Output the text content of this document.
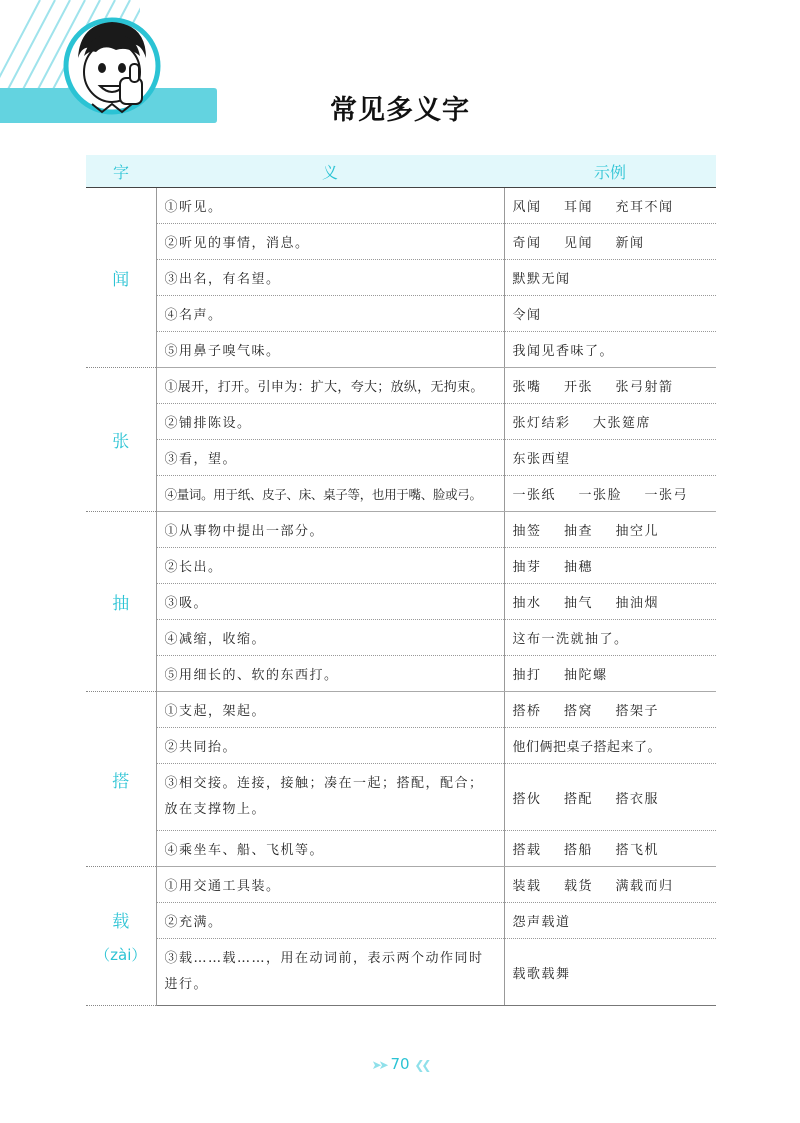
常见多义字
字	义	示例

闻	①听见。	风闻    耳闻    充耳不闻
	②听见的事情，消息。	奇闻    见闻    新闻
	③出名，有名望。	默默无闻
	④名声。	令闻
	⑤用鼻子嗅气味。	我闻见香味了。

张	①展开，打开。引申为：扩大，夸大；放纵，无拘束。	张嘴    开张    张弓射箭
	②铺排陈设。	张灯结彩    大张筵席
	③看，望。	东张西望
	④量词。用于纸、皮子、床、桌子等，也用于嘴、脸或弓。	一张纸    一张脸    一张弓

抽	①从事物中提出一部分。	抽签    抽查    抽空儿
	②长出。	抽芽    抽穗
	③吸。	抽水    抽气    抽油烟
	④减缩，收缩。	这布一洗就抽了。
	⑤用细长的、软的东西打。	抽打    抽陀螺

搭	①支起，架起。	搭桥    搭窝    搭架子
	②共同抬。	他们俩把桌子搭起来了。
	③相交接。连接，接触；凑在一起；搭配，配合；放在支撑物上。	搭伙    搭配    搭衣服
	④乘坐车、船、飞机等。	搭载    搭船    搭飞机

载
（zài）	①用交通工具装。	装载    载货    满载而归
	②充满。	怨声载道
	③载……载……，用在动词前，表示两个动作同时进行。	载歌载舞
➤➤ 70 ❮❮
